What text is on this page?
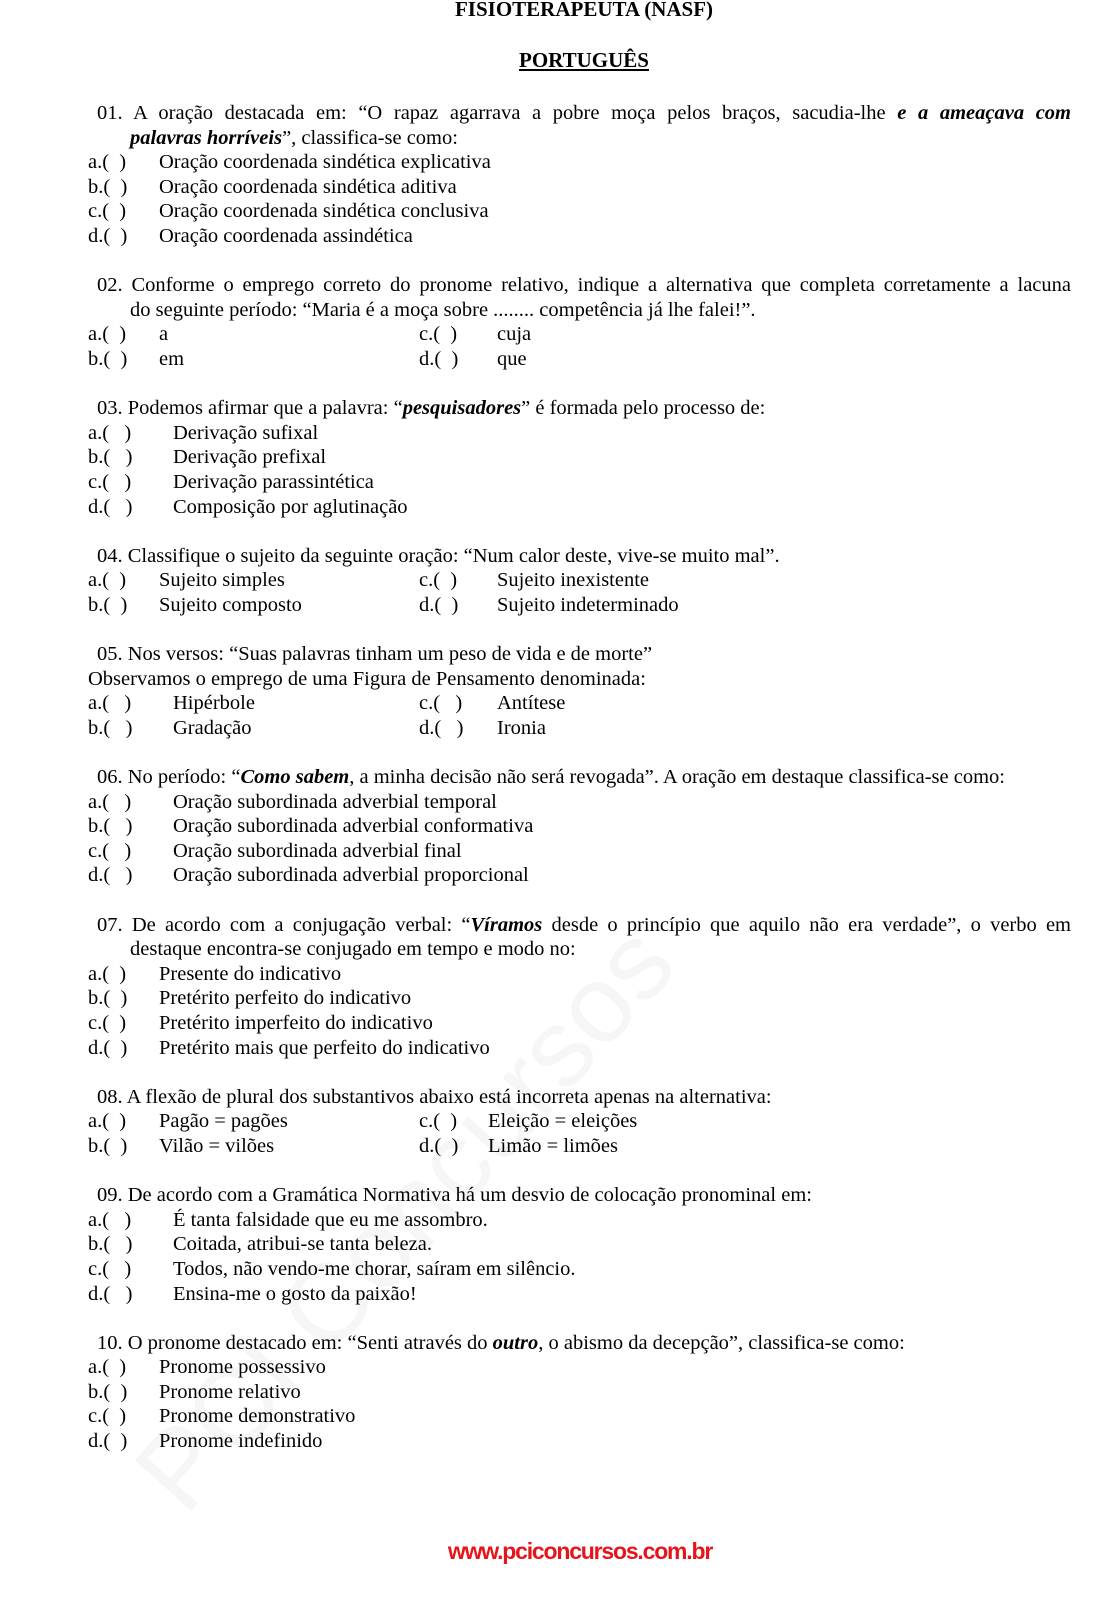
FISIOTERAPEUTA (NASF)
PORTUGUÊS
01. A oração destacada em: “O rapaz agarrava a pobre moça pelos braços, sacudia-lhe e a ameaçava com
palavras horríveis”, classifica-se como:
a.(  ) Oração coordenada sindética explicativa
b.(  ) Oração coordenada sindética aditiva
c.(  ) Oração coordenada sindética conclusiva
d.(  ) Oração coordenada assindética
02. Conforme o emprego correto do pronome relativo, indique a alternativa que completa corretamente a lacuna
do seguinte período: “Maria é a moça sobre ........ competência já lhe falei!”.
a.(  ) a	c.(  ) cuja
b.(  ) em	d.(  ) que
03. Podemos afirmar que a palavra: “pesquisadores” é formada pelo processo de:
a.(   ) Derivação sufixal
b.(   ) Derivação prefixal
c.(   ) Derivação parassintética
d.(   ) Composição por aglutinação
04. Classifique o sujeito da seguinte oração: “Num calor deste, vive-se muito mal”.
a.(  ) Sujeito simples	c.(  ) Sujeito inexistente
b.(  ) Sujeito composto	d.(  ) Sujeito indeterminado
05. Nos versos: “Suas palavras tinham um peso de vida e de morte”
Observamos o emprego de uma Figura de Pensamento denominada:
a.(   ) Hipérbole	c.(   ) Antítese
b.(   ) Gradação	d.(   ) Ironia
06. No período: “Como sabem, a minha decisão não será revogada”. A oração em destaque classifica-se como:
a.(   ) Oração subordinada adverbial temporal
b.(   ) Oração subordinada adverbial conformativa
c.(   ) Oração subordinada adverbial final
d.(   ) Oração subordinada adverbial proporcional
07. De acordo com a conjugação verbal: “Víramos desde o princípio que aquilo não era verdade”, o verbo em
destaque encontra-se conjugado em tempo e modo no:
a.(  ) Presente do indicativo
b.(  ) Pretérito perfeito do indicativo
c.(  ) Pretérito imperfeito do indicativo
d.(  ) Pretérito mais que perfeito do indicativo
08. A flexão de plural dos substantivos abaixo está incorreta apenas na alternativa:
a.(  ) Pagão = pagões	c.(  ) Eleição = eleições
b.(  ) Vilão = vilões	d.(  ) Limão = limões
09. De acordo com a Gramática Normativa há um desvio de colocação pronominal em:
a.(   ) É tanta falsidade que eu me assombro.
b.(   ) Coitada, atribui-se tanta beleza.
c.(   ) Todos, não vendo-me chorar, saíram em silêncio.
d.(   ) Ensina-me o gosto da paixão!
10. O pronome destacado em: “Senti através do outro, o abismo da decepção”, classifica-se como:
a.(  ) Pronome possessivo
b.(  ) Pronome relativo
c.(  ) Pronome demonstrativo
d.(  ) Pronome indefinido
www.pciconcursos.com.br
